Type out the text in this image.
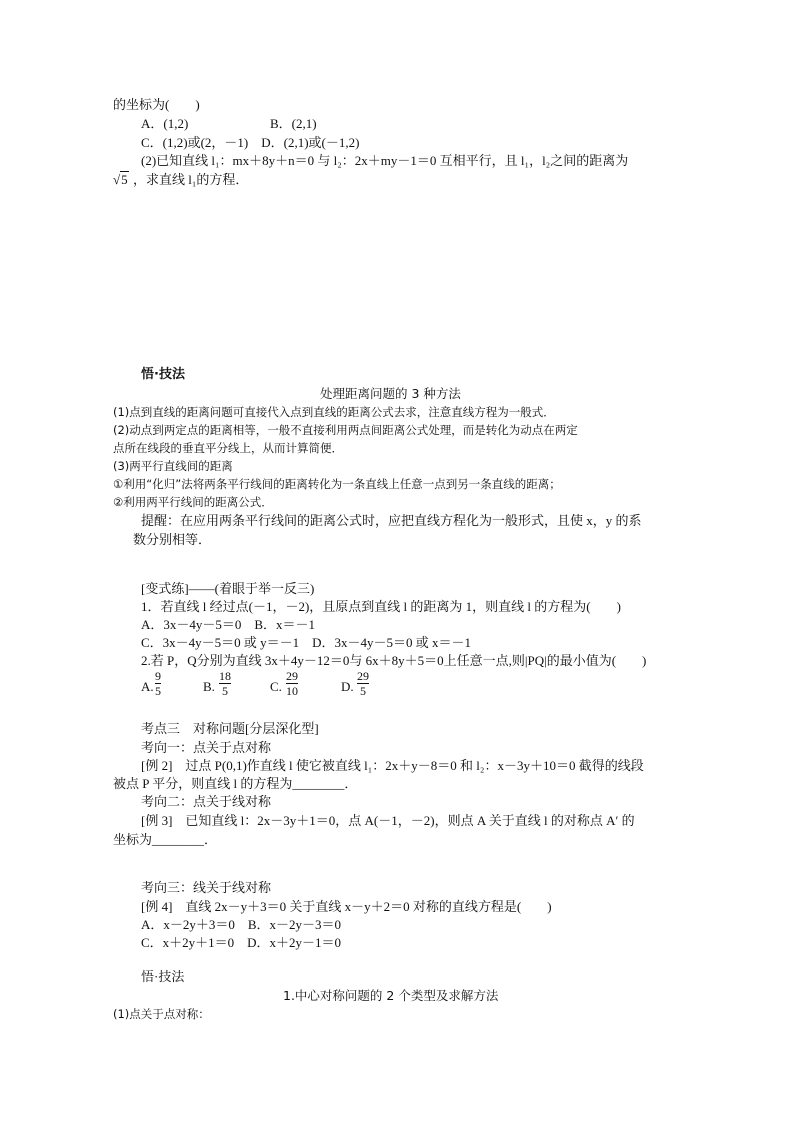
的坐标为(　　)
A．(1,2)	B．(2,1)
C．(1,2)或(2，－1)　D．(2,1)或(－1,2)
(2)已知直线 l₁：mx＋8y＋n＝0 与 l₂：2x＋my－1＝0 互相平行，且 l₁，l₂之间的距离为
√5 ，求直线 l₁的方程．
悟·技法
处理距离问题的 3 种方法
(1)点到直线的距离问题可直接代入点到直线的距离公式去求，注意直线方程为一般式．
(2)动点到两定点的距离相等，一般不直接利用两点间距离公式处理，而是转化为动点在两定
点所在线段的垂直平分线上，从而计算简便．
(3)两平行直线间的距离
①利用“化归”法将两条平行线间的距离转化为一条直线上任意一点到另一条直线的距离；
②利用两平行线间的距离公式．
提醒：在应用两条平行线间的距离公式时，应把直线方程化为一般形式，且使 x，y 的系
数分别相等．
[变式练]——(着眼于举一反三)
1．若直线 l 经过点(－1，－2)，且原点到直线 l 的距离为 1，则直线 l 的方程为(　　)
A．3x－4y－5＝0　B．x＝－1
C．3x－4y－5＝0 或 y＝－1　D．3x－4y－5＝0 或 x＝－1
2.若 P，Q分别为直线 3x＋4y－12＝0与 6x＋8y＋5＝0上任意一点,则|PQ|的最小值为(　　)
A.
9
5	B.
18
5	C.
29
10	D.
29
5
考点三　对称问题[分层深化型]
考向一：点关于点对称
[例 2]　过点 P(0,1)作直线 l 使它被直线 l₁：2x＋y－8＝0 和 l₂：x－3y＋10＝0 截得的线段
被点 P 平分，则直线 l 的方程为________．
考向二：点关于线对称
[例 3]　已知直线 l：2x－3y＋1＝0，点 A(－1，－2)，则点 A 关于直线 l 的对称点 A′ 的
坐标为________．
考向三：线关于线对称
[例 4]　直线 2x－y＋3＝0 关于直线 x－y＋2＝0 对称的直线方程是(　　)
A．x－2y＋3＝0　B．x－2y－3＝0
C．x＋2y＋1＝0　D．x＋2y－1＝0
悟·技法
1.中心对称问题的 2 个类型及求解方法
(1)点关于点对称：
